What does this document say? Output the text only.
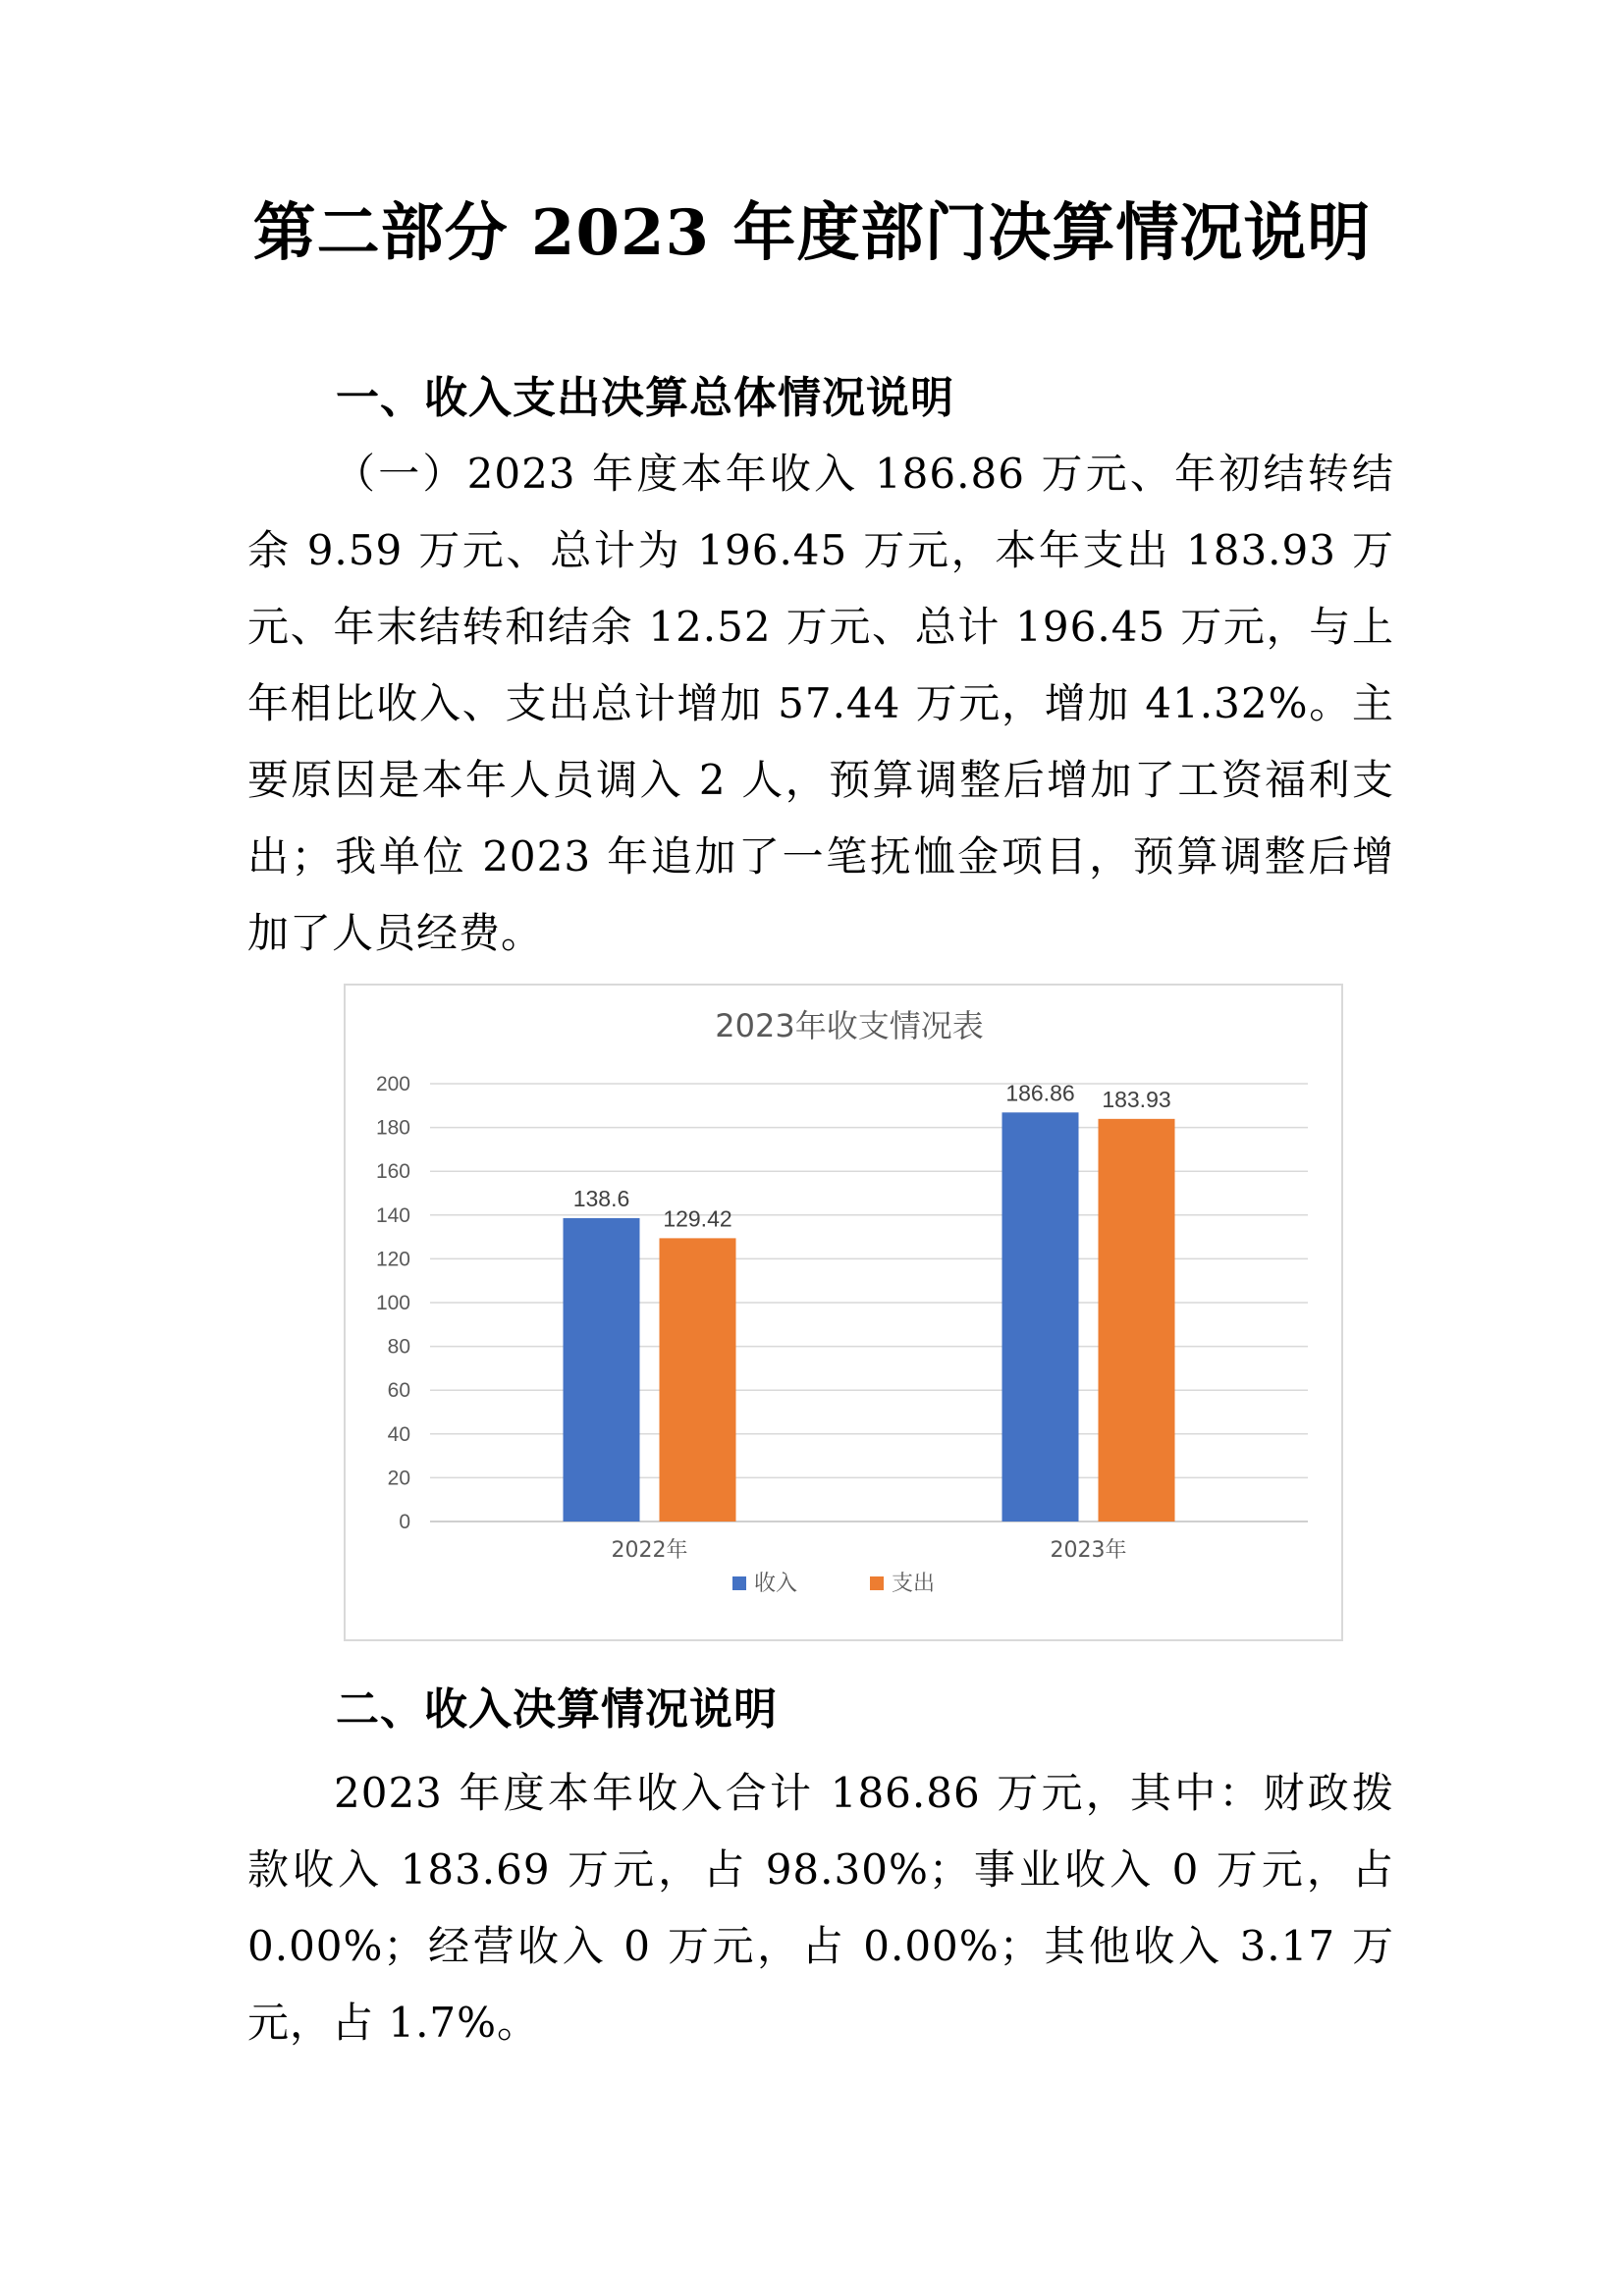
第二部分 2023 年度部门决算情况说明
一、收入支出决算总体情况说明
（一）2023 年度本年收入 186.86 万元、年初结转结余 9.59 万元、总计为 196.45 万元，本年支出 183.93 万元、年末结转和结余 12.52 万元、总计 196.45 万元，与上年相比收入、支出总计增加 57.44 万元，增加 41.32%。主要原因是本年人员调入 2 人，预算调整后增加了工资福利支出；我单位 2023 年追加了一笔抚恤金项目，预算调整后增加了人员经费。
2023年收支情况表
0
20
40
60
80
100
120
140
160
180
200
138.6
129.42
2022年
186.86 183.93
2023年
收入	支出
二、收入决算情况说明
2023 年度本年收入合计 186.86 万元，其中：财政拨款收入 183.69 万元，占 98.30%；事业收入 0 万元，占 0.00%；经营收入 0 万元，占 0.00%；其他收入 3.17 万元，占 1.7%。
